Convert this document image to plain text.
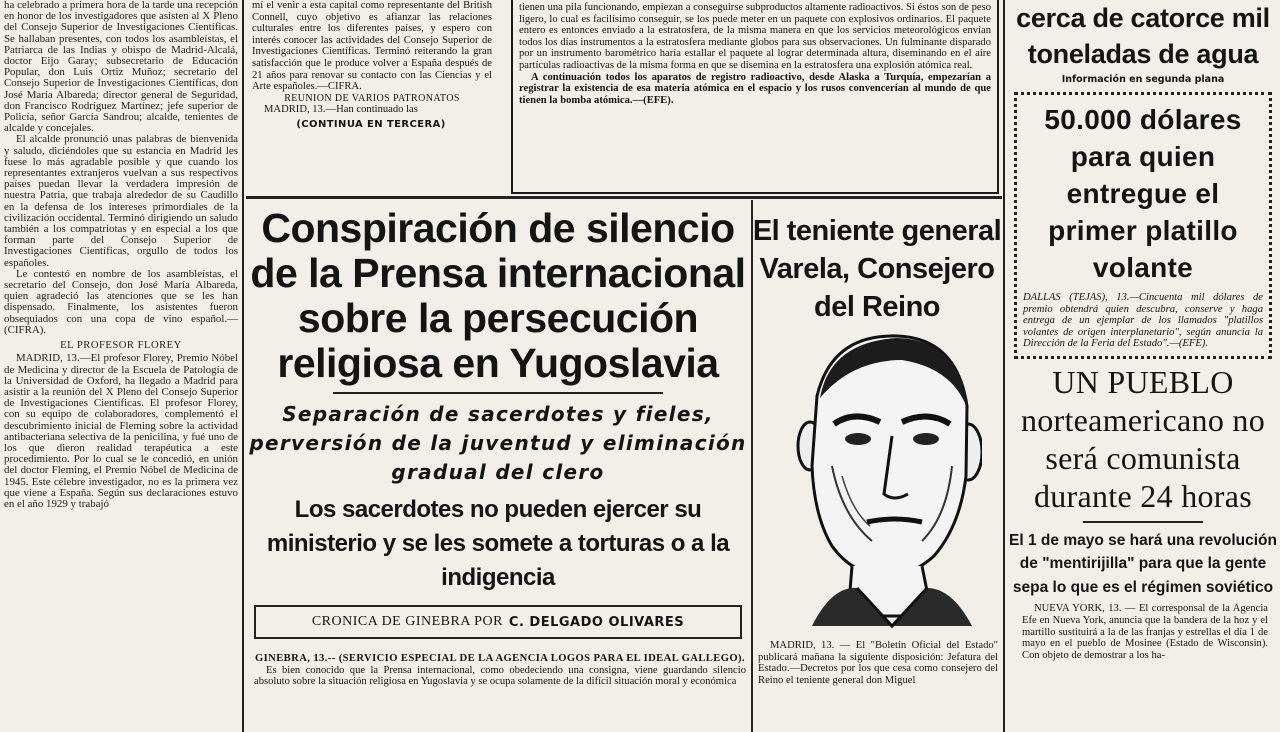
ha celebrado a primera hora de la tarde una recepción en honor de los investigadores que asisten al X Pleno del Consejo Superior de Investigaciones Científicas. Se hallaban presentes, con todos los asambleístas, el Patriarca de las Indias y obispo de Madrid-Alcalá, doctor Eijo Garay; subsecretario de Educación Popular, don Luis Ortiz Muñoz; secretario del Consejo Superior de Investigaciones Científicas, don José María Albareda; director general de Seguridad, don Francisco Rodríguez Martínez; jefe superior de Policía, señor García Sandrou; alcalde, tenientes de alcalde y concejales.

El alcalde pronunció unas palabras de bienvenida y saludo, diciéndoles que su estancia en Madrid les fuese lo más agradable posible y que cuando los representantes extranjeros vuelvan a sus respectivos países puedan llevar la verdadera impresión de nuestra Patria, que trabaja alrededor de su Caudillo en la defensa de los intereses primordiales de la civilización occidental. Terminó dirigiendo un saludo también a los compatriotas y en especial a los que forman parte del Consejo Superior de Investigaciones Científicas, orgullo de todos los españoles.

Le contestó en nombre de los asambleístas, el secretario del Consejo, don José María Albareda, quien agradeció las atenciones que se les han dispensado. Finalmente, los asistentes fueron obsequiados con una copa de vino español.—(CIFRA).

EL PROFESOR FLOREY

MADRID, 13.—El profesor Florey, Premio Nóbel de Medicina y director de la Escuela de Patología de la Universidad de Oxford, ha llegado a Madrid para asistir a la reunión del X Pleno del Consejo Superior de Investigaciones Científicas. El profesor Florey, con su equipo de colaboradores, complementó el descubrimiento inicial de Fleming sobre la actividad antibacteriana selectiva de la penicilina, y fué uno de los que dieron realidad terapéutica a este procedimiento. Por lo cual se le concedió, en unión del doctor Fleming, el Premio Nóbel de Medicina de 1945. Este célebre investigador, no es la primera vez que viene a España. Según sus declaraciones estuvo en el año 1929 y trabajó

mí el venir a esta capital como representante del British Connell, cuyo objetivo es afianzar las relaciones culturales entre los diferentes países, y espero con interés conocer las actividades del Consejo Superior de Investigaciones Científicas. Terminó reiterando la gran satisfacción que le produce volver a España después de 21 años para renovar su contacto con las Ciencias y el Arte españoles.—CIFRA.

REUNION DE VARIOS PATRONATOS

MADRID, 13.—Han continuado las

(CONTINUA EN TERCERA)

tienen una pila funcionando, empiezan a conseguirse subproductos altamente radioactivos. Si éstos son de peso ligero, lo cual es facilísimo conseguir, se los puede meter en un paquete con explosivos ordinarios. El paquete entero es entonces enviado a la estratosfera, de la misma manera en que los servicios meteorológicos envían todos los días instrumentos a la estratosfera mediante globos para sus observaciones. Un fulminante disparado por un instrumento barométrico haría estallar el paquete al lograr determinada altura, diseminando en el aire partículas radioactivas de la misma forma en que se disemina en la estratosfera una explosión atómica real.

A continuación todos los aparatos de registro radioactivo, desde Alaska a Turquía, empezarían a registrar la existencia de esa materia atómica en el espacio y los rusos convencerían al mundo de que tienen la bomba atómica.—(EFE).

Conspiración de silencio de la Prensa internacional sobre la persecución religiosa en Yugoslavia
Separación de sacerdotes y fieles, perversión de la juventud y eliminación gradual del clero
Los sacerdotes no pueden ejercer su ministerio y se les somete a torturas o a la indigencia
CRONICA DE GINEBRA POR C. DELGADO OLIVARES

GINEBRA, 13.-- (SERVICIO ESPECIAL DE LA AGENCIA LOGOS PARA EL IDEAL GALLEGO).

Es bien conocido que la Prensa internacional, como obedeciendo una consigna, viene guardando silencio absoluto sobre la situación religiosa en Yugoslavia y se ocupa solamente de la difícil situación moral y económica

El teniente general Varela, Consejero del Reino

MADRID, 13. — El "Boletín Oficial del Estado" publicará mañana la siguiente disposición: Jefatura del Estado.—Decretos por los que cesa como consejero del Reino el teniente general don Miguel

cerca de catorce mil toneladas de agua
Información en segunda plana
50.000 dólares para quien entregue el primer platillo volante
DALLAS (TEJAS), 13.—Cincuenta mil dólares de premio obtendrá quien descubra, conserve y haga entrega de un ejemplar de los llamados "platillos volantes de origen interplanetario", según anuncia la Dirección de la Feria del Estado".—(EFE).
UN PUEBLO norteamericano no será comunista durante 24 horas
El 1 de mayo se hará una revolución de "mentirijilla" para que la gente sepa lo que es el régimen soviético

NUEVA YORK, 13. — El corresponsal de la Agencia Efe en Nueva York, anuncia que la bandera de la hoz y el martillo sustituirá a la de las franjas y estrellas el día 1 de mayo en el pueblo de Mosinee (Estado de Wisconsin). Con objeto de demostrar a los ha-
